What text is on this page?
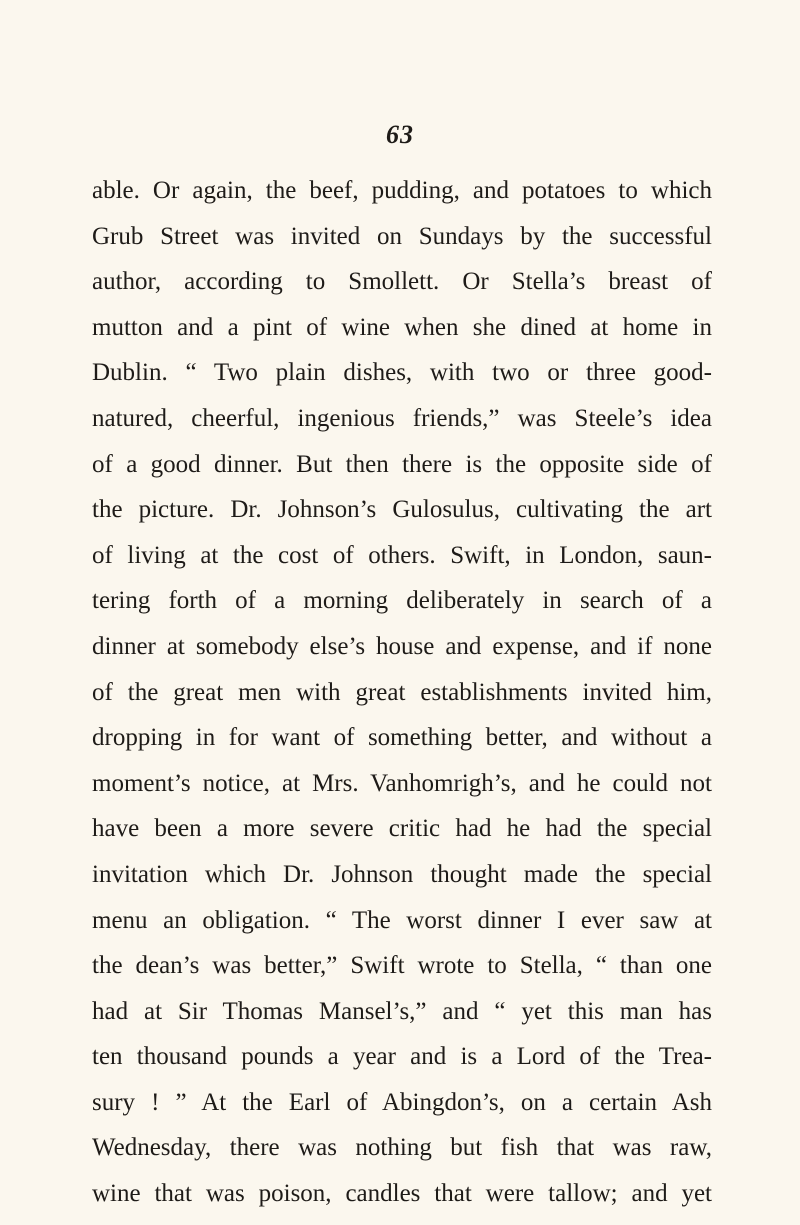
63
able. Or again, the beef, pudding, and potatoes to which
Grub Street was invited on Sundays by the successful
author, according to Smollett. Or Stella’s breast of
mutton and a pint of wine when she dined at home in
Dublin. “ Two plain dishes, with two or three good-
natured, cheerful, ingenious friends,” was Steele’s idea
of a good dinner. But then there is the opposite side of
the picture. Dr. Johnson’s Gulosulus, cultivating the art
of living at the cost of others. Swift, in London, saun-
tering forth of a morning deliberately in search of a
dinner at somebody else’s house and expense, and if none
of the great men with great establishments invited him,
dropping in for want of something better, and without a
moment’s notice, at Mrs. Vanhomrigh’s, and he could not
have been a more severe critic had he had the special
invitation which Dr. Johnson thought made the special
menu an obligation. “ The worst dinner I ever saw at
the dean’s was better,” Swift wrote to Stella, “ than one
had at Sir Thomas Mansel’s,” and “ yet this man has
ten thousand pounds a year and is a Lord of the Trea-
sury ! ” At the Earl of Abingdon’s, on a certain Ash
Wednesday, there was nothing but fish that was raw,
wine that was poison, candles that were tallow; and yet
